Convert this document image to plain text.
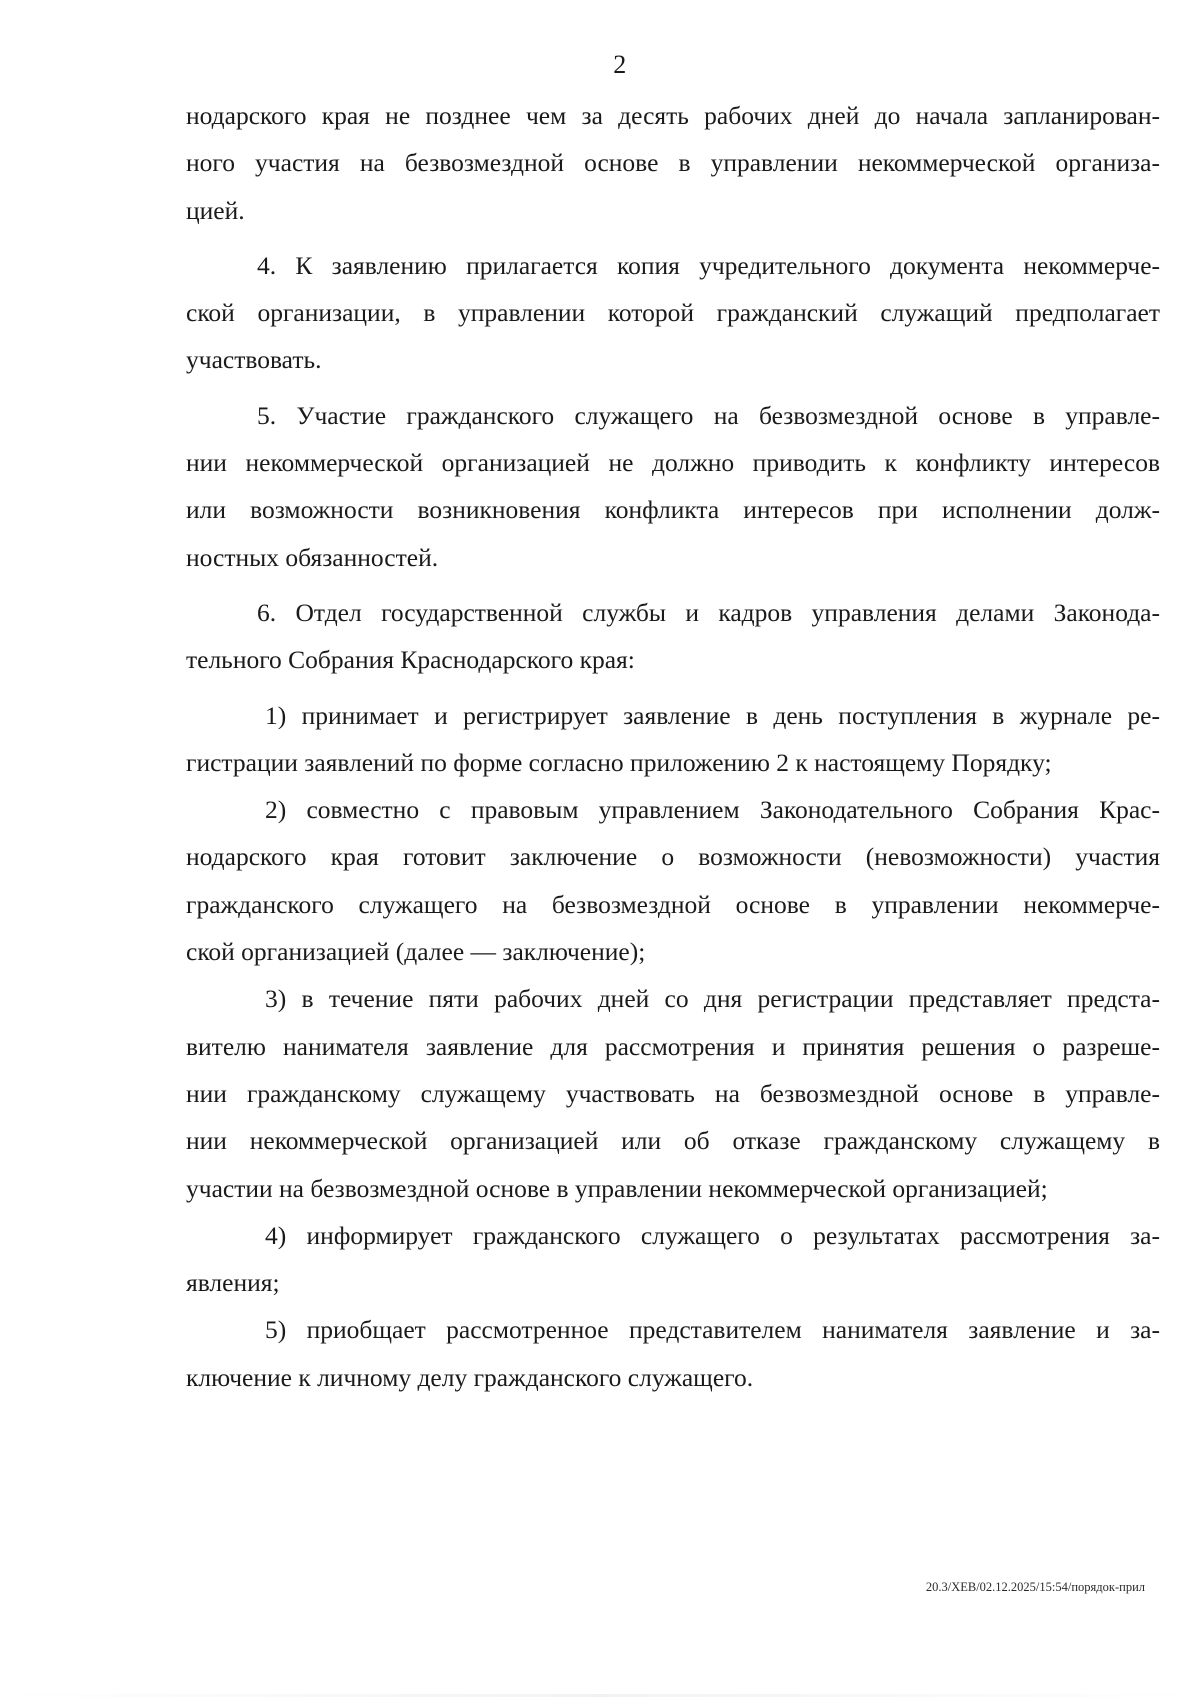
2
нодарского края не позднее чем за десять рабочих дней до начала запланирован-
ного участия на безвозмездной основе в управлении некоммерческой организа-
цией.
4. К заявлению прилагается копия учредительного документа некоммерче-
ской организации, в управлении которой гражданский служащий предполагает
участвовать.
5. Участие гражданского служащего на безвозмездной основе в управле-
нии некоммерческой организацией не должно приводить к конфликту интересов
или возможности возникновения конфликта интересов при исполнении долж-
ностных обязанностей.
6. Отдел государственной службы и кадров управления делами Законода-
тельного Собрания Краснодарского края:
1) принимает и регистрирует заявление в день поступления в журнале ре-
гистрации заявлений по форме согласно приложению 2 к настоящему Порядку;
2) совместно с правовым управлением Законодательного Собрания Крас-
нодарского края готовит заключение о возможности (невозможности) участия
гражданского служащего на безвозмездной основе в управлении некоммерче-
ской организацией (далее — заключение);
3) в течение пяти рабочих дней со дня регистрации представляет предста-
вителю нанимателя заявление для рассмотрения и принятия решения о разреше-
нии гражданскому служащему участвовать на безвозмездной основе в управле-
нии некоммерческой организацией или об отказе гражданскому служащему в
участии на безвозмездной основе в управлении некоммерческой организацией;
4) информирует гражданского служащего о результатах рассмотрения за-
явления;
5) приобщает рассмотренное представителем нанимателя заявление и за-
ключение к личному делу гражданского служащего.
20.3/ХЕВ/02.12.2025/15:54/порядок-прил
